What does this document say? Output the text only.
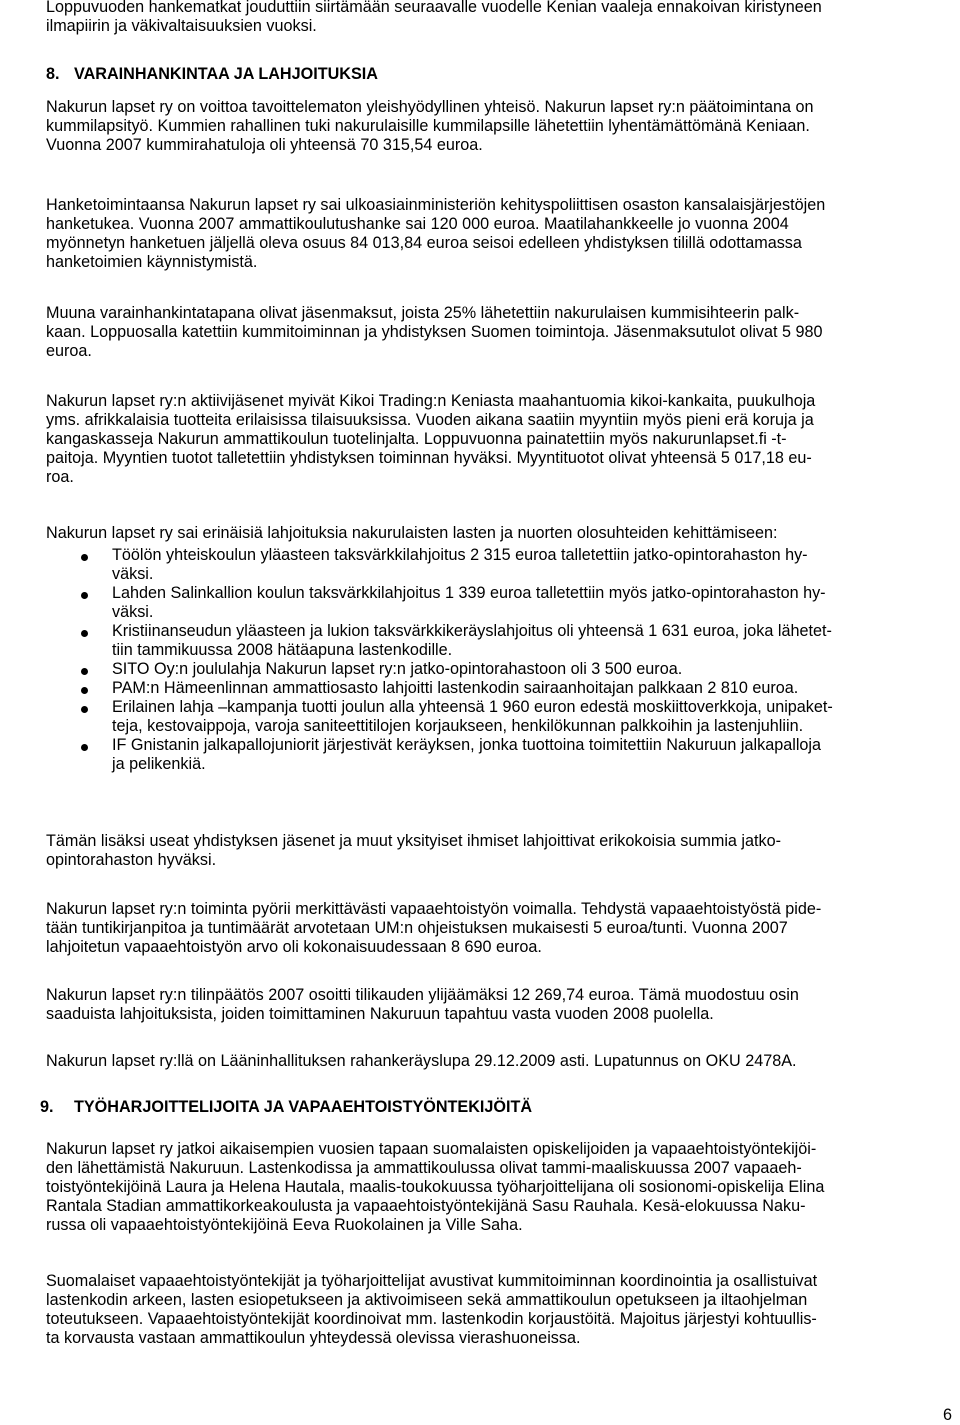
Loppuvuoden hankematkat jouduttiin siirtämään seuraavalle vuodelle Kenian vaaleja ennakoivan kiristyneen
ilmapiirin ja väkivaltaisuuksien vuoksi.
8. VARAINHANKINTAA JA LAHJOITUKSIA
Nakurun lapset ry on voittoa tavoittelematon yleishyödyllinen yhteisö. Nakurun lapset ry:n päätoimintana on
kummilapsityö. Kummien rahallinen tuki nakurulaisille kummilapsille lähetettiin lyhentämättömänä Keniaan.
Vuonna 2007 kummirahatuloja oli yhteensä 70 315,54 euroa.
Hanketoimintaansa Nakurun lapset ry sai ulkoasiainministeriön kehityspoliittisen osaston kansalaisjärjestöjen
hanketukea. Vuonna 2007 ammattikoulutushanke sai 120 000 euroa. Maatilahankkeelle jo vuonna 2004
myönnetyn hanketuen jäljellä oleva osuus 84 013,84 euroa seisoi edelleen yhdistyksen tilillä odottamassa
hanketoimien käynnistymistä.
Muuna varainhankintatapana olivat jäsenmaksut, joista 25% lähetettiin nakurulaisen kummisihteerin palk-
kaan. Loppuosalla katettiin kummitoiminnan ja yhdistyksen Suomen toimintoja. Jäsenmaksutulot olivat 5 980
euroa.
Nakurun lapset ry:n aktiivijäsenet myivät Kikoi Trading:n Keniasta maahantuomia kikoi-kankaita, puukulhoja
yms. afrikkalaisia tuotteita erilaisissa tilaisuuksissa. Vuoden aikana saatiin myyntiin myös pieni erä koruja ja
kangaskasseja Nakurun ammattikoulun tuotelinjalta. Loppuvuonna painatettiin myös nakurunlapset.fi -t-
paitoja. Myyntien tuotot talletettiin yhdistyksen toiminnan hyväksi. Myyntituotot olivat yhteensä 5 017,18 eu-
roa.
Nakurun lapset ry sai erinäisiä lahjoituksia nakurulaisten lasten ja nuorten olosuhteiden kehittämiseen:
Töölön yhteiskoulun yläasteen taksvärkkilahjoitus 2 315 euroa talletettiin jatko-opintorahaston hy-
väksi.
Lahden Salinkallion koulun taksvärkkilahjoitus 1 339 euroa talletettiin myös jatko-opintorahaston hy-
väksi.
Kristiinanseudun yläasteen ja lukion taksvärkkikeräyslahjoitus oli yhteensä 1 631 euroa, joka lähetet-
tiin tammikuussa 2008 hätäapuna lastenkodille.
SITO Oy:n joululahja Nakurun lapset ry:n jatko-opintorahastoon oli 3 500 euroa.
PAM:n Hämeenlinnan ammattiosasto lahjoitti lastenkodin sairaanhoitajan palkkaan 2 810 euroa.
Erilainen lahja –kampanja tuotti joulun alla yhteensä 1 960 euron edestä moskiittoverkkoja, unipaket-
teja, kestovaippoja, varoja saniteettitilojen korjaukseen, henkilökunnan palkkoihin ja lastenjuhliin.
IF Gnistanin jalkapallojuniorit järjestivät keräyksen, jonka tuottoina toimitettiin Nakuruun jalkapalloja
ja pelikenkiä.
Tämän lisäksi useat yhdistyksen jäsenet ja muut yksityiset ihmiset lahjoittivat erikokoisia summia jatko-
opintorahaston hyväksi.
Nakurun lapset ry:n toiminta pyörii merkittävästi vapaaehtoistyön voimalla. Tehdystä vapaaehtoistyöstä pide-
tään tuntikirjanpitoa ja tuntimäärät arvotetaan UM:n ohjeistuksen mukaisesti 5 euroa/tunti. Vuonna 2007
lahjoitetun vapaaehtoistyön arvo oli kokonaisuudessaan 8 690 euroa.
Nakurun lapset ry:n tilinpäätös 2007 osoitti tilikauden ylijäämäksi 12 269,74 euroa. Tämä muodostuu osin
saaduista lahjoituksista, joiden toimittaminen Nakuruun tapahtuu vasta vuoden 2008 puolella.
Nakurun lapset ry:llä on Lääninhallituksen rahankeräyslupa 29.12.2009 asti. Lupatunnus on OKU 2478A.
9. TYÖHARJOITTELIJOITA JA VAPAAEHTOISTYÖNTEKIJÖITÄ
Nakurun lapset ry jatkoi aikaisempien vuosien tapaan suomalaisten opiskelijoiden ja vapaaehtoistyöntekijöi-
den lähettämistä Nakuruun. Lastenkodissa ja ammattikoulussa olivat tammi-maaliskuussa 2007 vapaaeh-
toistyöntekijöinä Laura ja Helena Hautala, maalis-toukokuussa työharjoittelijana oli sosionomi-opiskelija Elina
Rantala Stadian ammattikorkeakoulusta ja vapaaehtoistyöntekijänä Sasu Rauhala. Kesä-elokuussa Naku-
russa oli vapaaehtoistyöntekijöinä Eeva Ruokolainen ja Ville Saha.
Suomalaiset vapaaehtoistyöntekijät ja työharjoittelijat avustivat kummitoiminnan koordinointia ja osallistuivat
lastenkodin arkeen, lasten esiopetukseen ja aktivoimiseen sekä ammattikoulun opetukseen ja iltaohjelman
toteutukseen. Vapaaehtoistyöntekijät koordinoivat mm. lastenkodin korjaustöitä. Majoitus järjestyi kohtuullis-
ta korvausta vastaan ammattikoulun yhteydessä olevissa vierashuoneissa.
6
